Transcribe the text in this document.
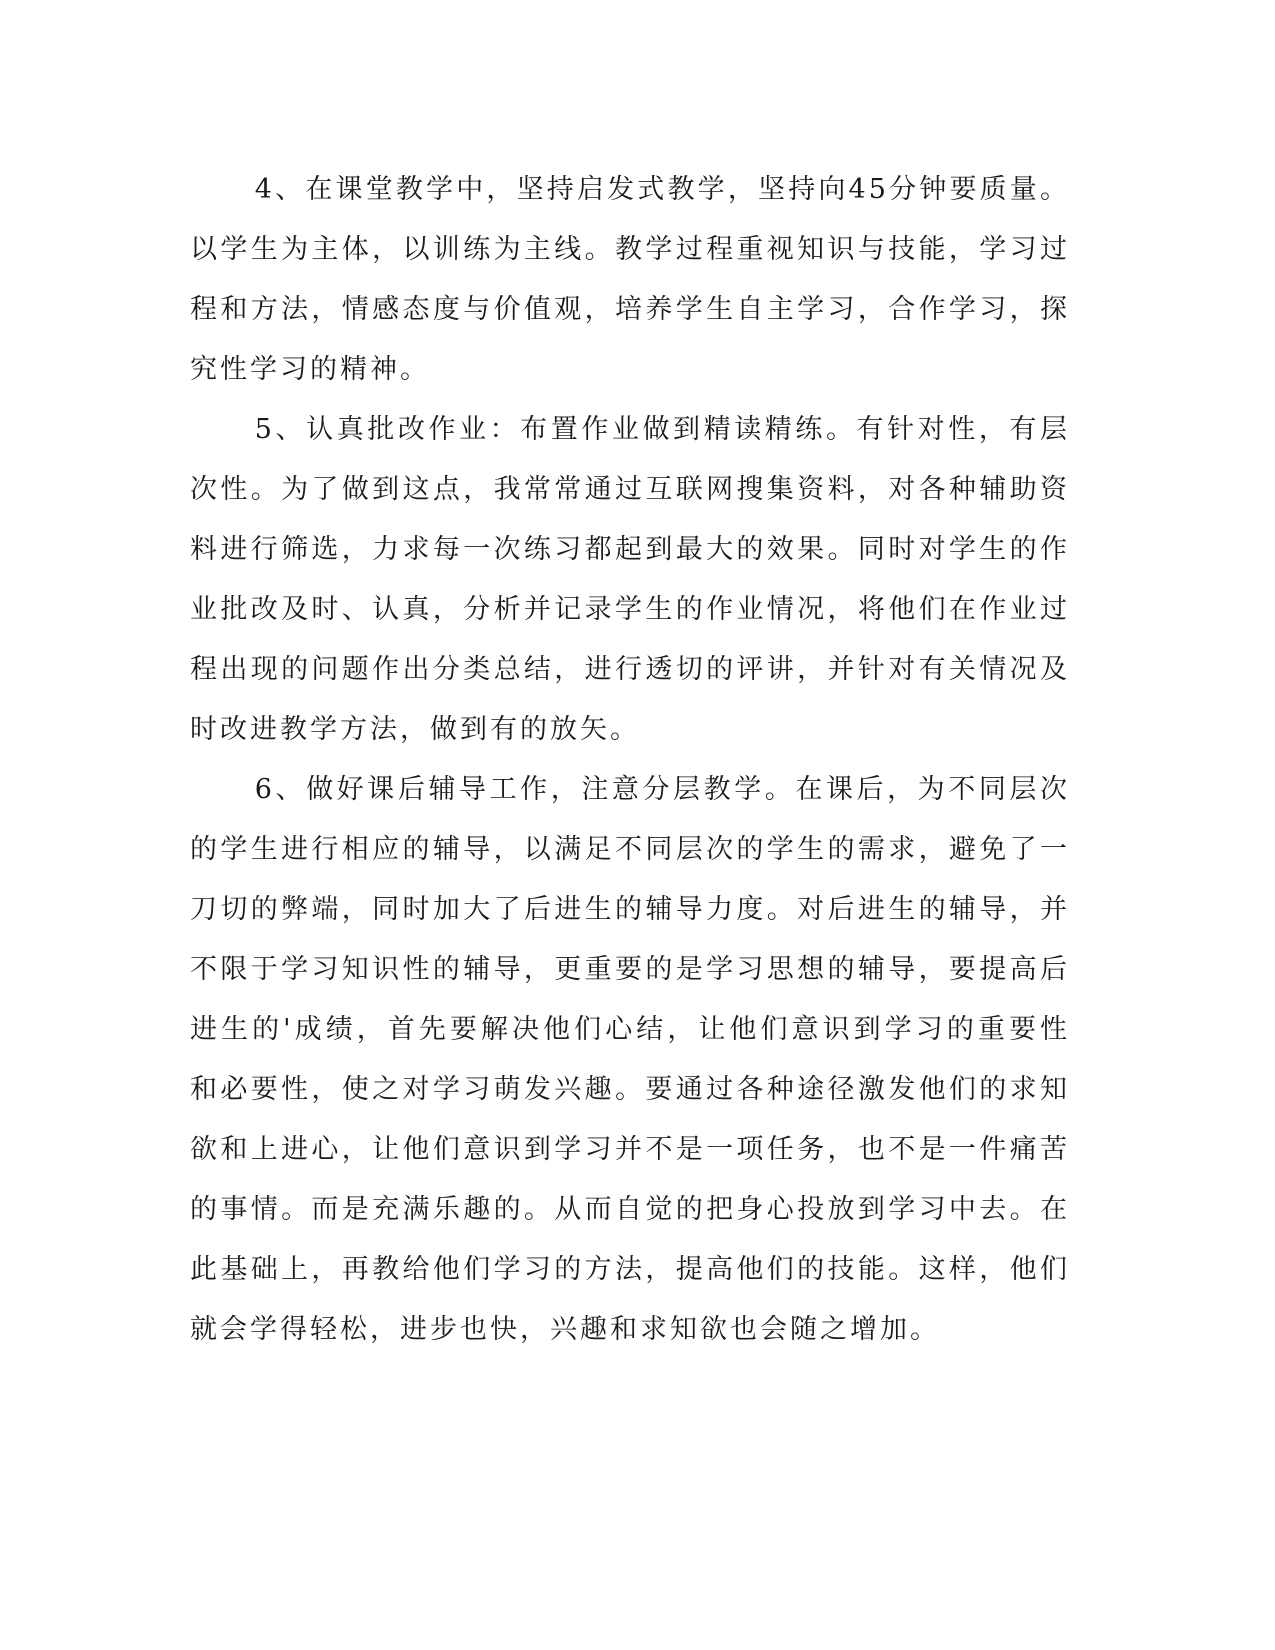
4、在课堂教学中，坚持启发式教学，坚持向45分钟要质量。以学生为主体，以训练为主线。教学过程重视知识与技能，学习过程和方法，情感态度与价值观，培养学生自主学习，合作学习，探究性学习的精神。

5、认真批改作业：布置作业做到精读精练。有针对性，有层次性。为了做到这点，我常常通过互联网搜集资料，对各种辅助资料进行筛选，力求每一次练习都起到最大的效果。同时对学生的作业批改及时、认真，分析并记录学生的作业情况，将他们在作业过程出现的问题作出分类总结，进行透切的评讲，并针对有关情况及时改进教学方法，做到有的放矢。

6、做好课后辅导工作，注意分层教学。在课后，为不同层次的学生进行相应的辅导，以满足不同层次的学生的需求，避免了一刀切的弊端，同时加大了后进生的辅导力度。对后进生的辅导，并不限于学习知识性的辅导，更重要的是学习思想的辅导，要提高后进生的'成绩，首先要解决他们心结，让他们意识到学习的重要性和必要性，使之对学习萌发兴趣。要通过各种途径激发他们的求知欲和上进心，让他们意识到学习并不是一项任务，也不是一件痛苦的事情。而是充满乐趣的。从而自觉的把身心投放到学习中去。在此基础上，再教给他们学习的方法，提高他们的技能。这样，他们就会学得轻松，进步也快，兴趣和求知欲也会随之增加。
